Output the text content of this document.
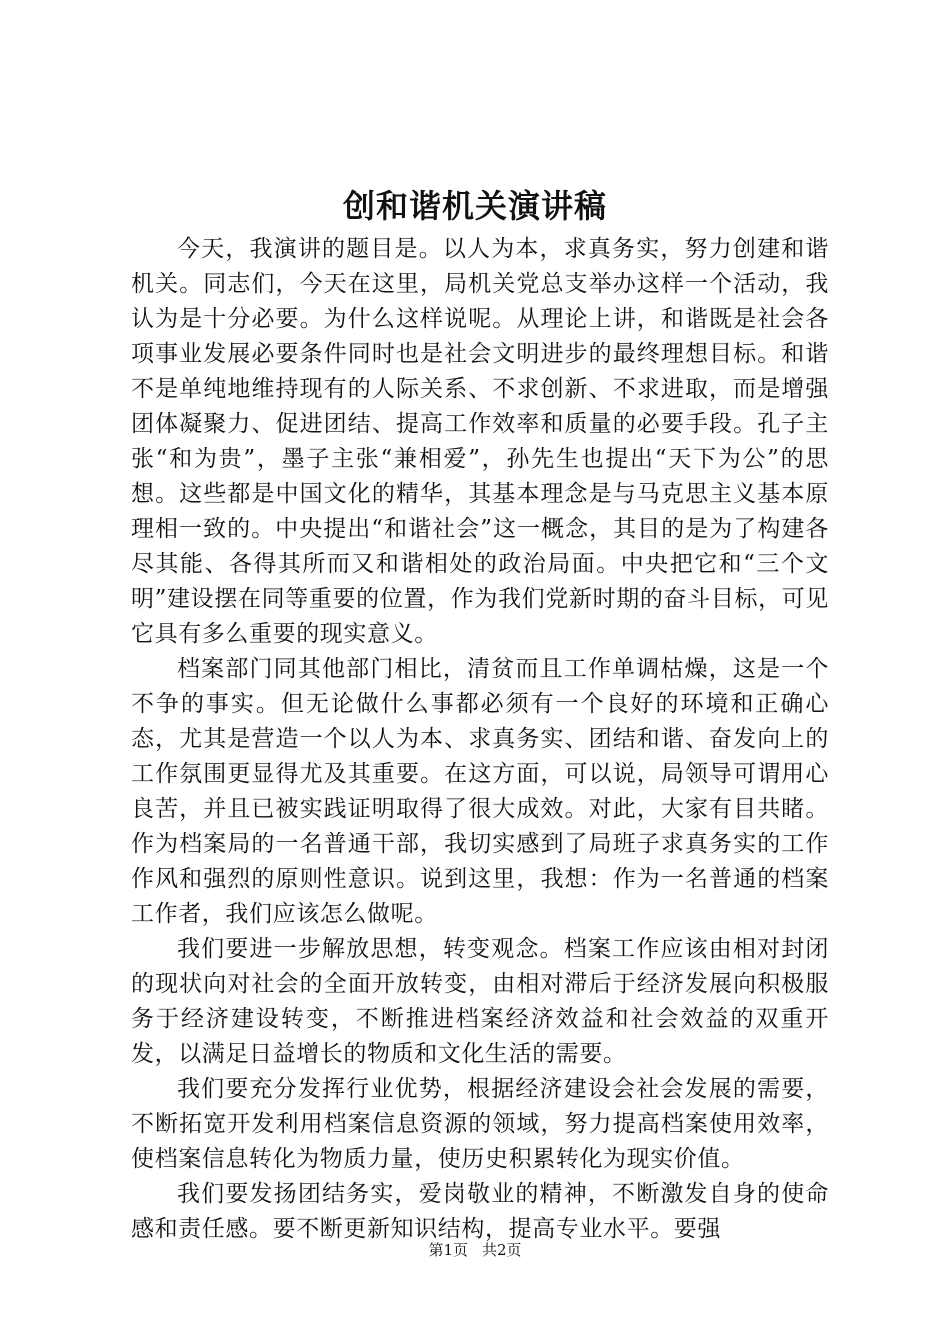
创和谐机关演讲稿

今天，我演讲的题目是。以人为本，求真务实，努力创建和谐机关。同志们，今天在这里，局机关党总支举办这样一个活动，我认为是十分必要。为什么这样说呢。从理论上讲，和谐既是社会各项事业发展必要条件同时也是社会文明进步的最终理想目标。和谐不是单纯地维持现有的人际关系、不求创新、不求进取，而是增强团体凝聚力、促进团结、提高工作效率和质量的必要手段。孔子主张“和为贵”，墨子主张“兼相爱”，孙先生也提出“天下为公”的思想。这些都是中国文化的精华，其基本理念是与马克思主义基本原理相一致的。中央提出“和谐社会”这一概念，其目的是为了构建各尽其能、各得其所而又和谐相处的政治局面。中央把它和“三个文明”建设摆在同等重要的位置，作为我们党新时期的奋斗目标，可见它具有多么重要的现实意义。

档案部门同其他部门相比，清贫而且工作单调枯燥，这是一个不争的事实。但无论做什么事都必须有一个良好的环境和正确心态，尤其是营造一个以人为本、求真务实、团结和谐、奋发向上的工作氛围更显得尤及其重要。在这方面，可以说，局领导可谓用心良苦，并且已被实践证明取得了很大成效。对此，大家有目共睹。作为档案局的一名普通干部，我切实感到了局班子求真务实的工作作风和强烈的原则性意识。说到这里，我想：作为一名普通的档案工作者，我们应该怎么做呢。

我们要进一步解放思想，转变观念。档案工作应该由相对封闭的现状向对社会的全面开放转变，由相对滞后于经济发展向积极服务于经济建设转变，不断推进档案经济效益和社会效益的双重开发，以满足日益增长的物质和文化生活的需要。

我们要充分发挥行业优势，根据经济建设会社会发展的需要，不断拓宽开发利用档案信息资源的领域，努力提高档案使用效率，使档案信息转化为物质力量，使历史积累转化为现实价值。

我们要发扬团结务实，爱岗敬业的精神，不断激发自身的使命感和责任感。要不断更新知识结构，提高专业水平。要强

第1页 共2页
